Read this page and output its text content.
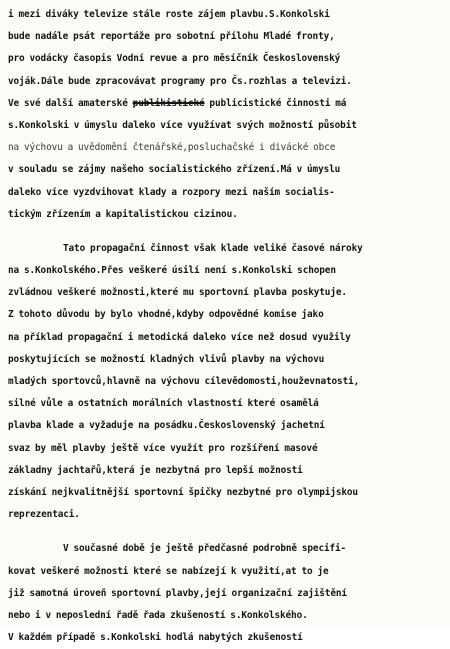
i mezi diváky televize stále roste zájem plavbu.S.Konkolski
bude nadále psát reportáže pro sobotní přílohu Mladé fronty,
pro vodácky časopis Vodní revue a pro měsíčník Československý
voják.Dále bude zpracovávat programy pro Čs.rozhlas a televizi.
Ve své další amaterské publikistické publicistické činnosti má
s.Konkolski v úmyslu daleko více využívat svých možností působit
na výchovu a uvědomění čtenářské,posluchačské i divácké obce
v souladu se zájmy našeho socialistického zřízení.Má v úmyslu
daleko více vyzdvihovat klady a rozpory mezi naším socialis-
tickým zřízením a kapitalistickou cizinou.
Tato propagační činnost však klade veliké časové nároky
na s.Konkolského.Přes veškeré úsilí není s.Konkolski schopen
zvládnou veškeré možnosti,které mu sportovní plavba poskytuje.
Z tohoto důvodu by bylo vhodné,kdyby odpovědné komise jako
na příklad propagační i metodická daleko více než dosud využily
poskytujících se možností kladných vlivů plavby na výchovu
mladých sportovců,hlavně na výchovu cílevědomosti,houževnatosti,
silné vůle a ostatních morálních vlastností které osamělá
plavba klade a vyžaduje na posádku.Československý jachetní
svaz by měl plavby ještě více využít pro rozšíření masové
základny jachtařů,která je nezbytná pro lepší možnosti
získání nejkvalitnější sportovní špičky nezbytné pro olympijskou
reprezentaci.
V současné době je ještě předčasné podrobně specifi-
kovat veškeré možnosti které se nabízejí k využití,at to je
již samotná úroveň sportovní plavby,její organizační zajištění
nebo i v neposlední řadě řada zkušeností s.Konkolského.
V každém případě s.Konkolski hodlá nabytých zkušeností
